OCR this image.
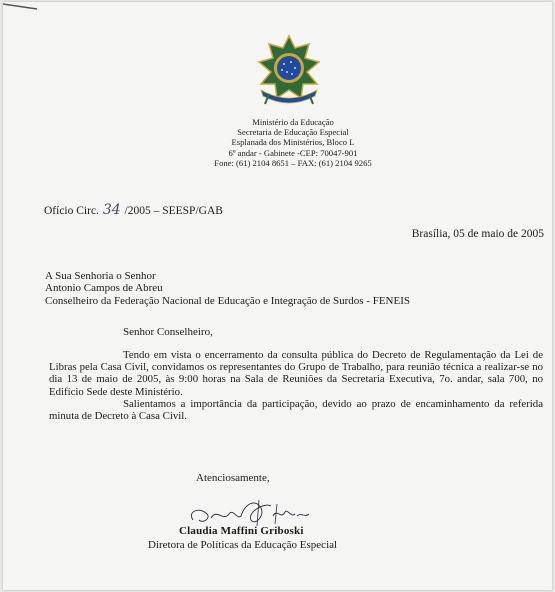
Ministério da Educação
Secretaria de Educação Especial
Esplanada dos Ministérios, Bloco L
6º andar - Gabinete -CEP: 70047-901
Fone: (61) 2104 8651 – FAX: (61) 2104 9265
Ofício Circ. 34 /2005 – SEESP/GAB
Brasília, 05 de maio de 2005
A Sua Senhoria o Senhor
Antonio Campos de Abreu
Conselheiro da Federação Nacional de Educação e Integração de Surdos - FENEIS
Senhor Conselheiro,

Tendo em vista o encerramento da consulta pública do Decreto de Regulamentação da Lei de Libras pela Casa Civil, convidamos os representantes do Grupo de Trabalho, para reunião técnica a realizar-se no dia 13 de maio de 2005, às 9:00 horas na Sala de Reuniões da Secretaria Executiva, 7o. andar, sala 700, no Edifício Sede deste Ministério.

Salientamos a importância da participação, devido ao prazo de encaminhamento da referida minuta de Decreto à Casa Civil.

Atenciosamente,
Claudia Maffini Griboski
Diretora de Políticas da Educação Especial
